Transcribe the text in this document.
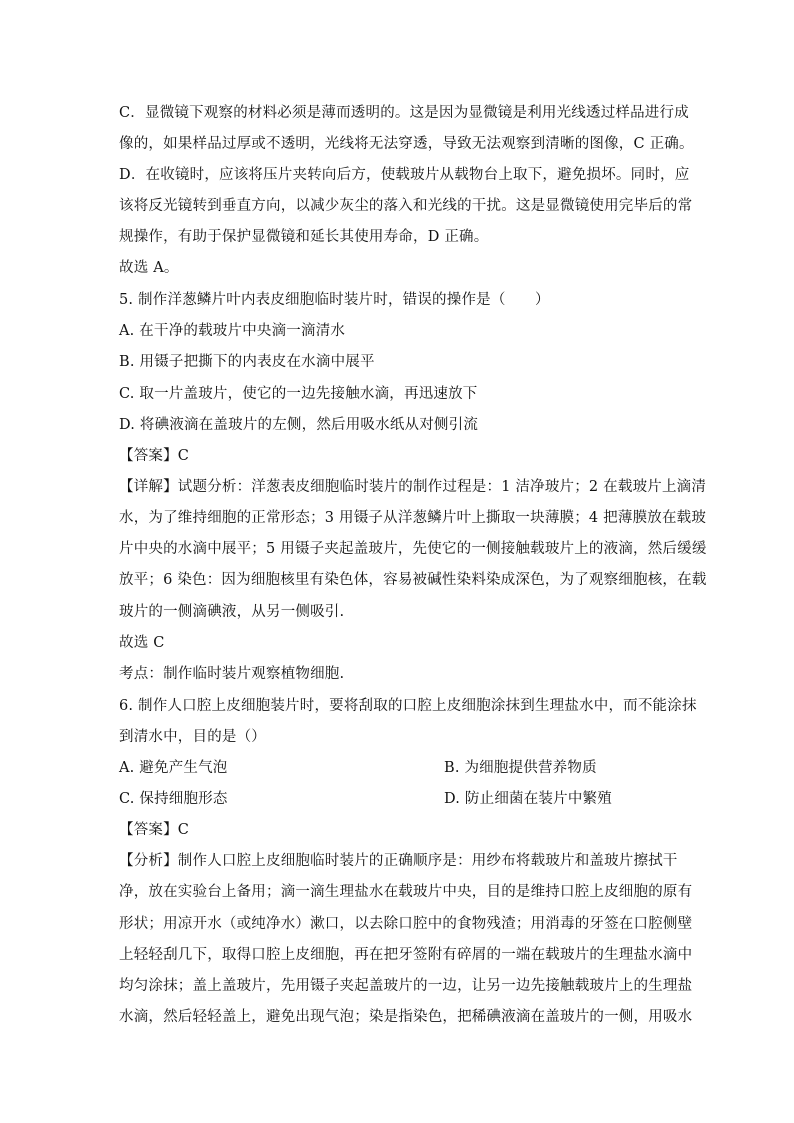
C．显微镜下观察的材料必须是薄而透明的。这是因为显微镜是利用光线透过样品进行成
像的，如果样品过厚或不透明，光线将无法穿透，导致无法观察到清晰的图像，C 正确。
D．在收镜时，应该将压片夹转向后方，使载玻片从载物台上取下，避免损坏。同时，应
该将反光镜转到垂直方向，以减少灰尘的落入和光线的干扰。这是显微镜使用完毕后的常
规操作，有助于保护显微镜和延长其使用寿命，D 正确。
故选 A。
5. 制作洋葱鳞片叶内表皮细胞临时装片时，错误的操作是（　　）
A. 在干净的载玻片中央滴一滴清水
B. 用镊子把撕下的内表皮在水滴中展平
C. 取一片盖玻片，使它的一边先接触水滴，再迅速放下
D. 将碘液滴在盖玻片的左侧，然后用吸水纸从对侧引流
【答案】C
【详解】试题分析：洋葱表皮细胞临时装片的制作过程是：1 洁净玻片；2 在载玻片上滴清
水，为了维持细胞的正常形态；3 用镊子从洋葱鳞片叶上撕取一块薄膜；4 把薄膜放在载玻
片中央的水滴中展平；5 用镊子夹起盖玻片，先使它的一侧接触载玻片上的液滴，然后缓缓
放平；6 染色：因为细胞核里有染色体，容易被碱性染料染成深色，为了观察细胞核，在载
玻片的一侧滴碘液，从另一侧吸引.
故选 C
考点：制作临时装片观察植物细胞.
6. 制作人口腔上皮细胞装片时，要将刮取的口腔上皮细胞涂抹到生理盐水中，而不能涂抹
到清水中，目的是（）
A. 避免产生气泡	B. 为细胞提供营养物质
C. 保持细胞形态	D. 防止细菌在装片中繁殖
【答案】C
【分析】制作人口腔上皮细胞临时装片的正确顺序是：用纱布将载玻片和盖玻片擦拭干
净，放在实验台上备用；滴一滴生理盐水在载玻片中央，目的是维持口腔上皮细胞的原有
形状；用凉开水（或纯净水）漱口，以去除口腔中的食物残渣；用消毒的牙签在口腔侧壁
上轻轻刮几下，取得口腔上皮细胞，再在把牙签附有碎屑的一端在载玻片的生理盐水滴中
均匀涂抹；盖上盖玻片，先用镊子夹起盖玻片的一边，让另一边先接触载玻片上的生理盐
水滴，然后轻轻盖上，避免出现气泡；染是指染色，把稀碘液滴在盖玻片的一侧，用吸水
